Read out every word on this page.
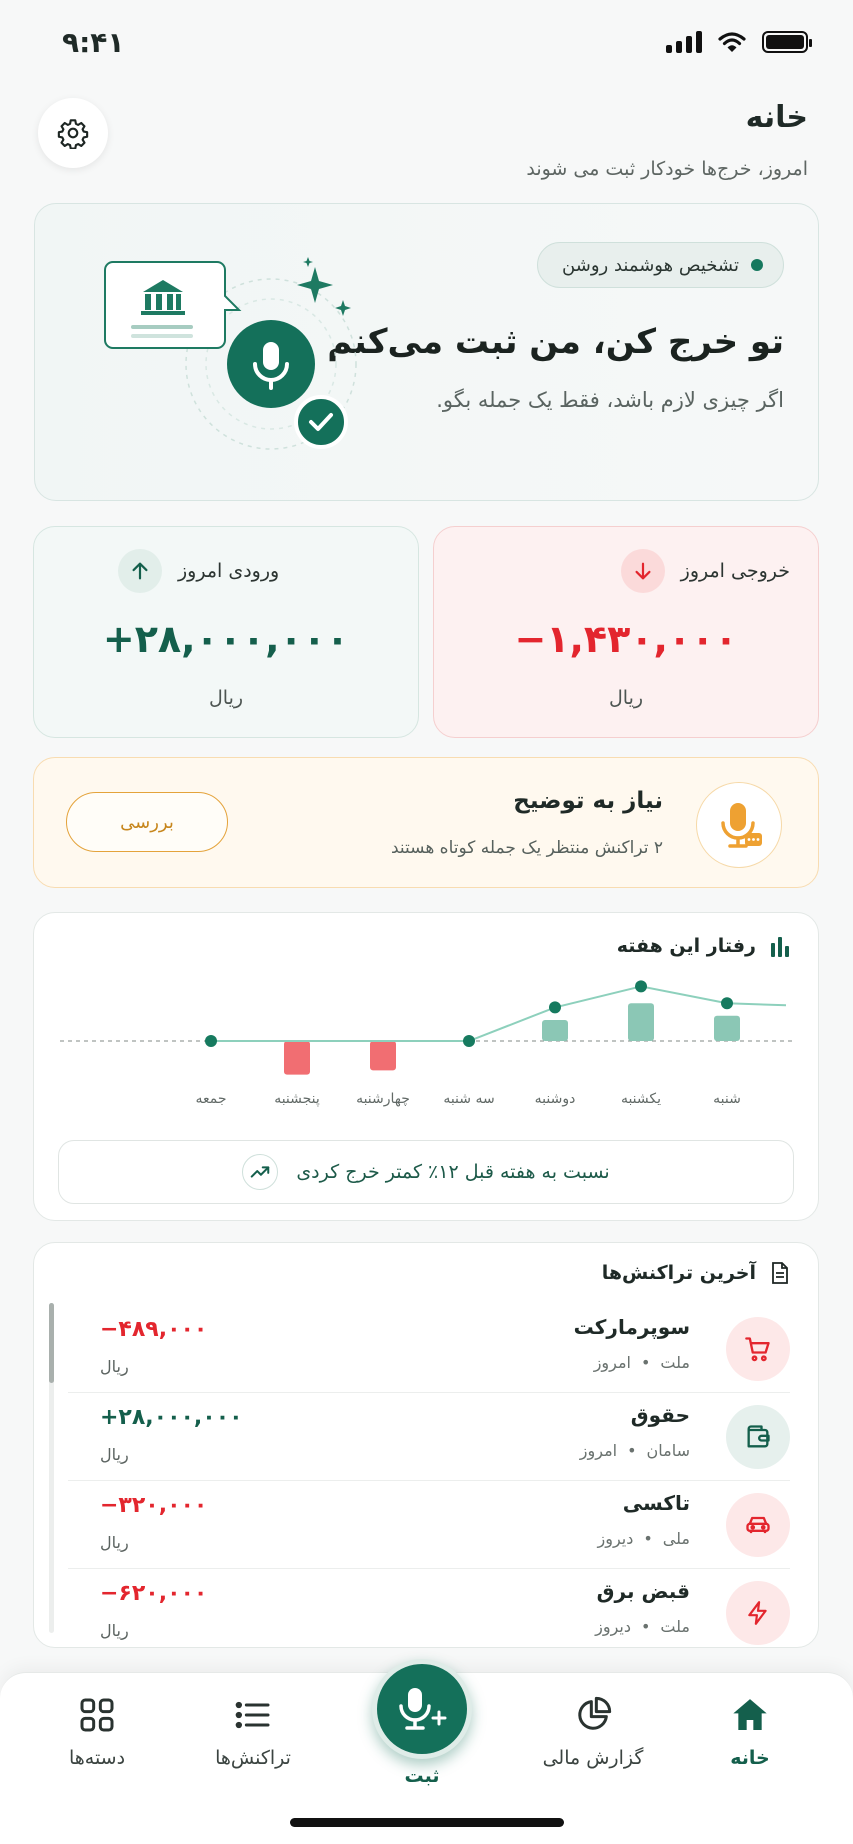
۹:۴۱
خانه
امروز، خرج‌ها خودکار ثبت می شوند
تشخیص هوشمند روشن
تو خرج کن، من ثبت می‌کنم
اگر چیزی لازم باشد، فقط یک جمله بگو.
خروجی امروز
−۱,۴۳۰,۰۰۰
ریال
ورودی امروز
+۲۸,۰۰۰,۰۰۰
ریال
نیاز به توضیح
۲ تراکنش منتظر یک جمله کوتاه هستند
بررسی
رفتار این هفته
شنبه
یکشنبه
دوشنبه
سه شنبه
چهارشنبه
پنجشنبه
جمعه
نسبت به هفته قبل ۱۲٪ کمتر خرج کردی
آخرین تراکنش‌ها
سوپرمارکت
ملت
•
امروز
−۴۸۹,۰۰۰
ریال
حقوق
سامان
•
امروز
+۲۸,۰۰۰,۰۰۰
ریال
تاکسی
ملی
•
دیروز
−۳۲۰,۰۰۰
ریال
قبض برق
ملت
•
دیروز
−۶۲۰,۰۰۰
ریال
خانه
گزارش مالی
ثبت
تراکنش‌ها
دسته‌ها
